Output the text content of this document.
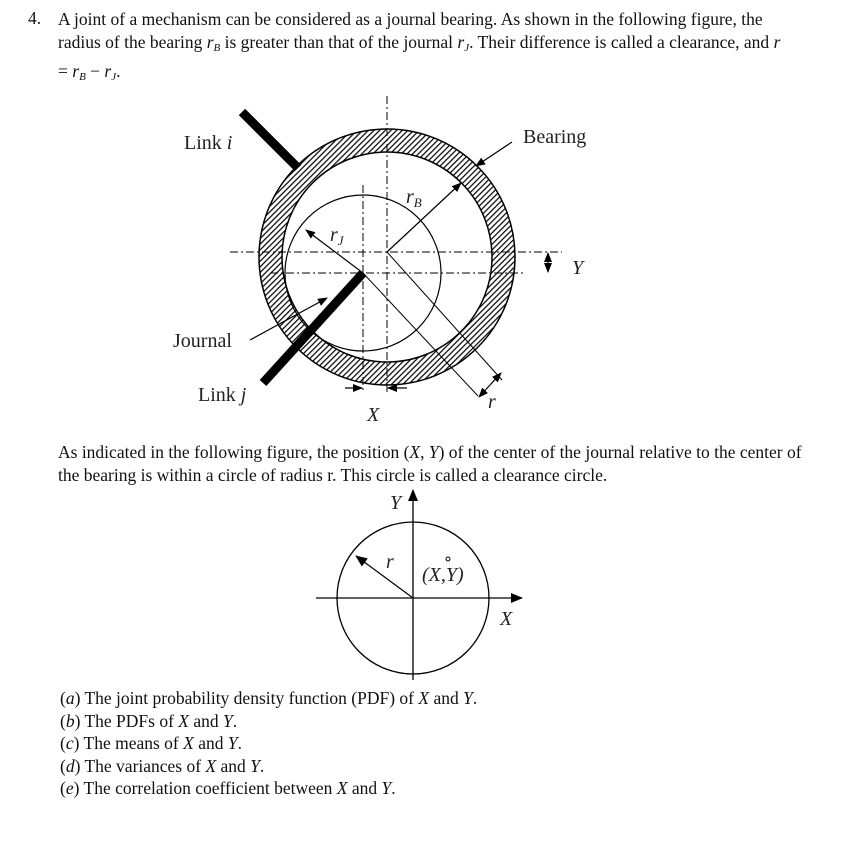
4. A joint of a mechanism can be considered as a journal bearing. As shown in the following figure, the radius of the bearing $r_B$ is greater than that of the journal $r_J$. Their difference is called a clearance, and $r = r_B - r_J$.
Link i	Bearing
$r_B$
$r_J$
Y
Journal
Link j
X
r
As indicated in the following figure, the position (X, Y) of the center of the journal relative to the center of the bearing is within a circle of radius r. This circle is called a clearance circle.
Y
X
r
(X,Y)
(a) The joint probability density function (PDF) of X and Y.
(b) The PDFs of X and Y.
(c) The means of X and Y.
(d) The variances of X and Y.
(e) The correlation coefficient between X and Y.
